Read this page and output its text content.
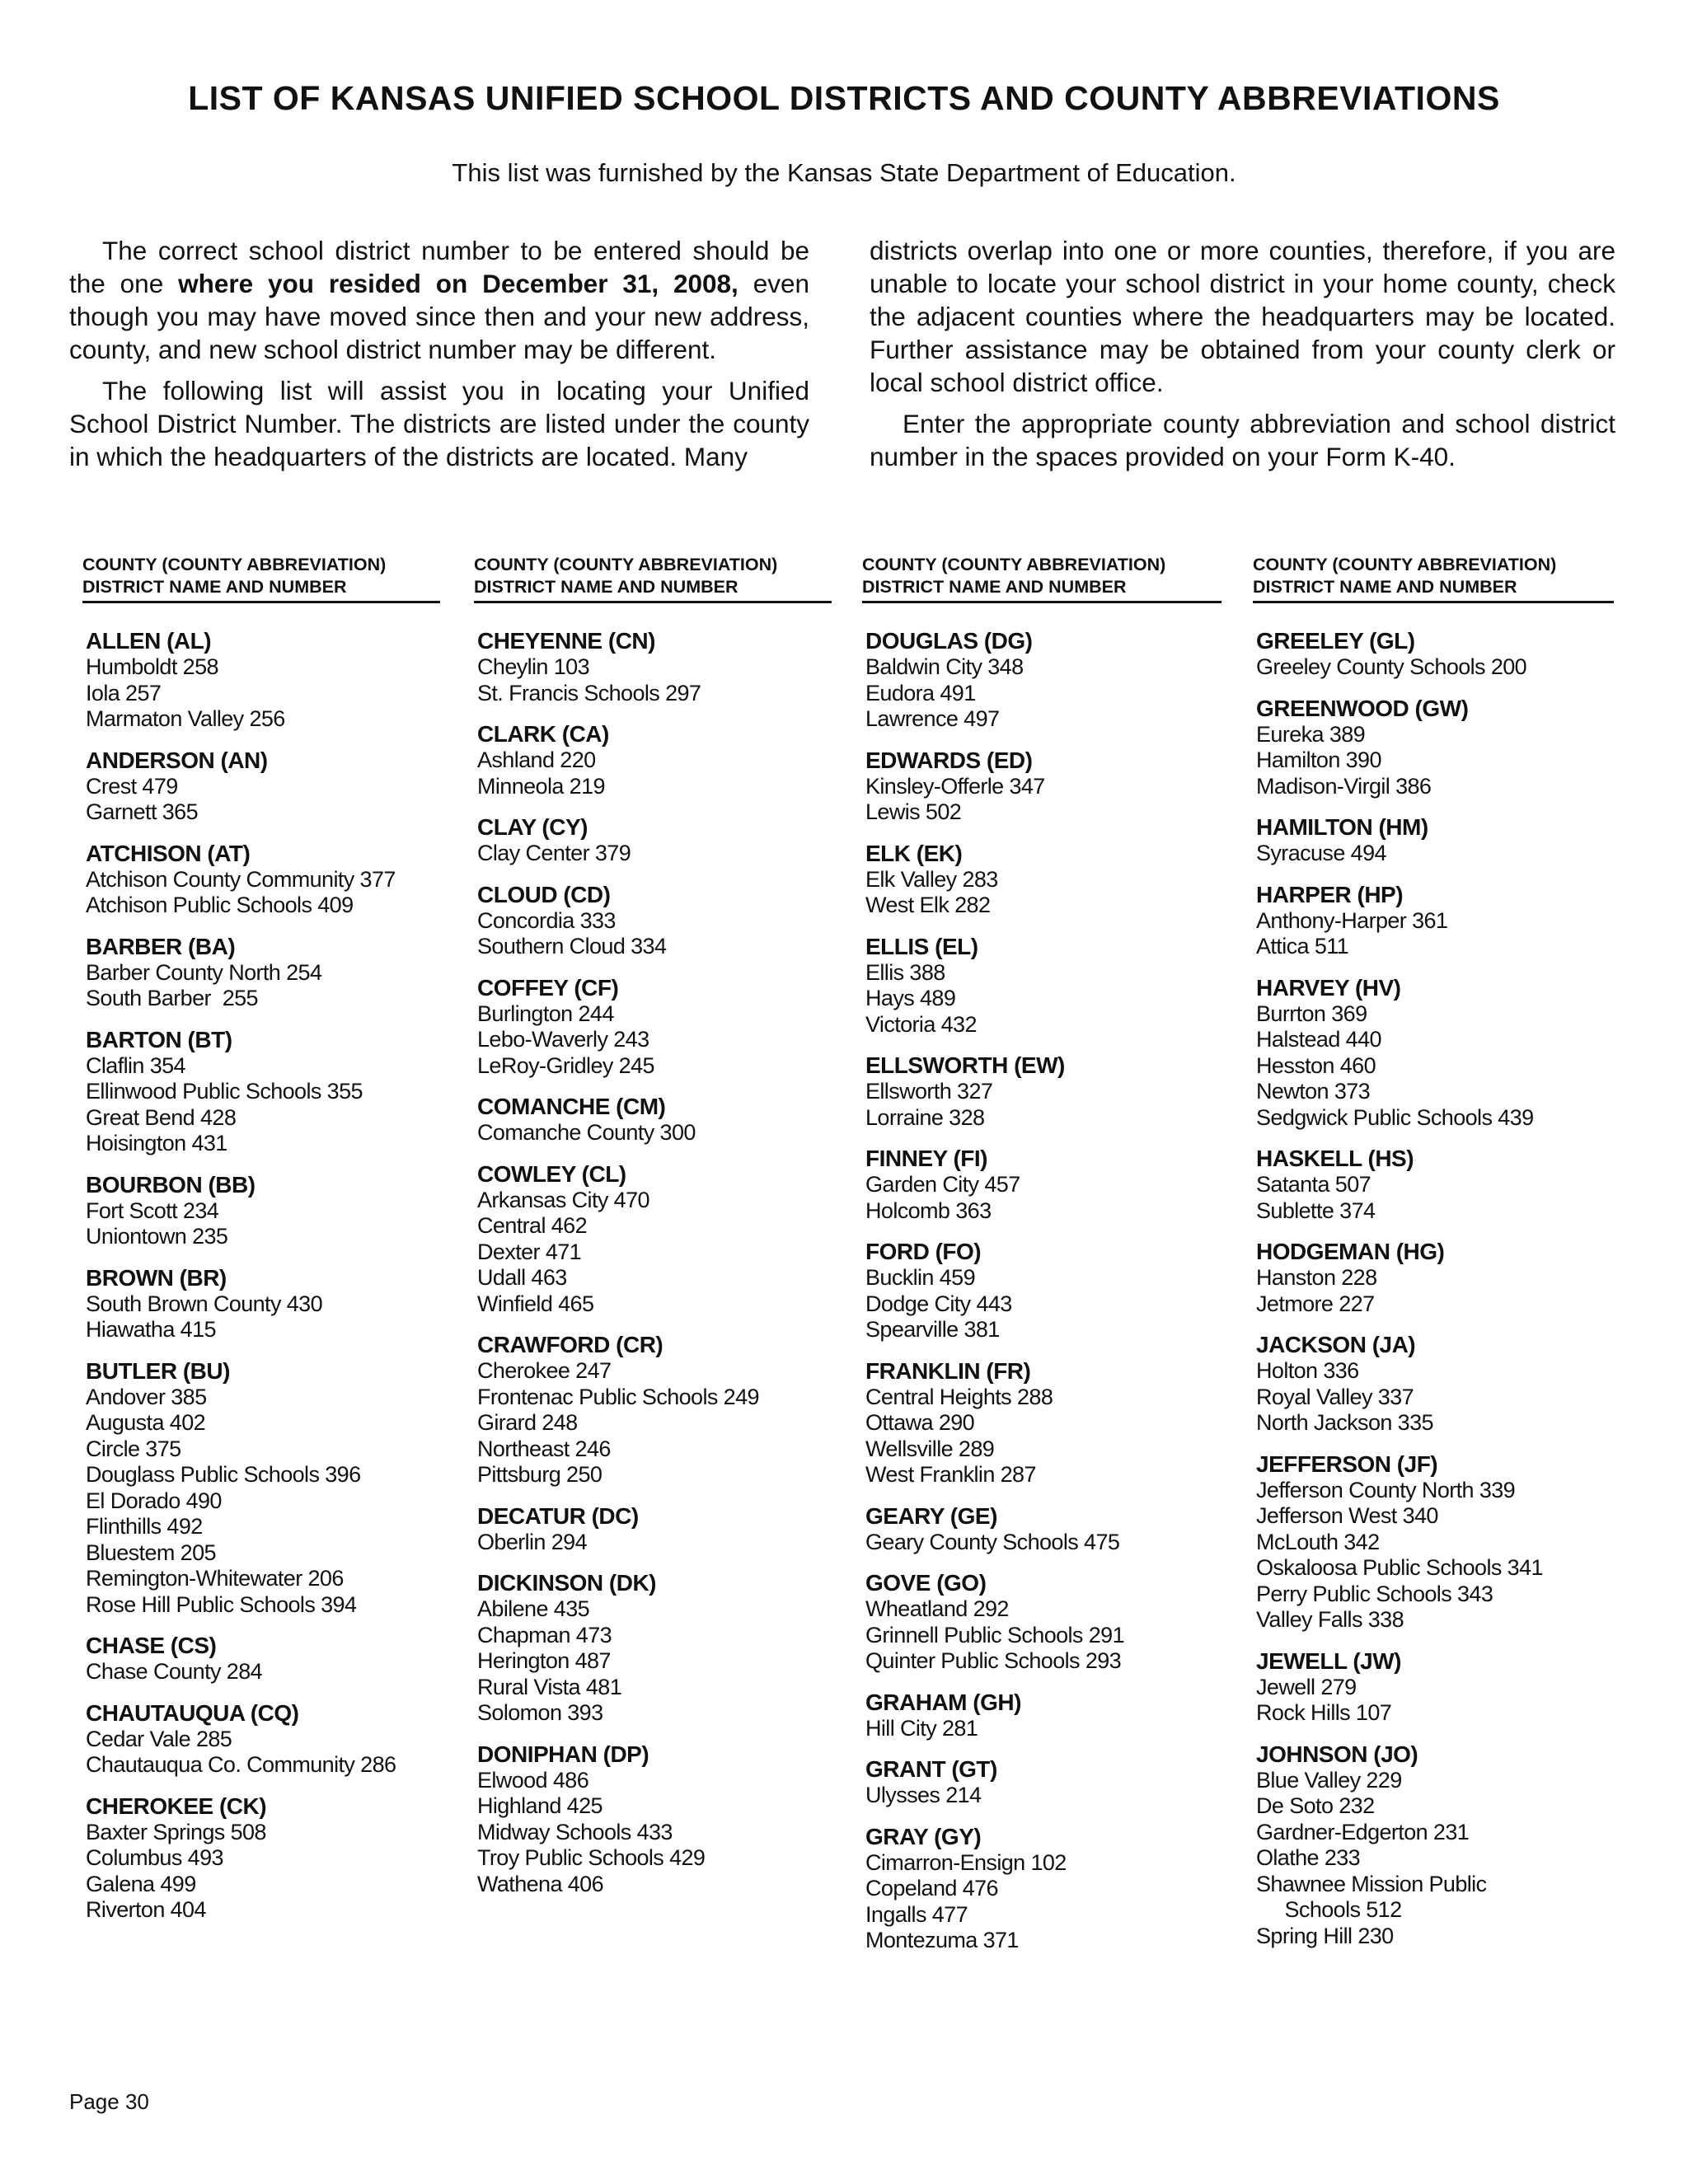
LIST OF KANSAS UNIFIED SCHOOL DISTRICTS AND COUNTY ABBREVIATIONS

This list was furnished by the Kansas State Department of Education.

The correct school district number to be entered should be the one where you resided on December 31, 2008, even though you may have moved since then and your new address, county, and new school district number may be different.

The following list will assist you in locating your Unified School District Number. The districts are listed under the county in which the headquarters of the districts are located. Many

districts overlap into one or more counties, therefore, if you are unable to locate your school district in your home county, check the adjacent counties where the headquarters may be located. Further assistance may be obtained from your county clerk or local school district office.

Enter the appropriate county abbreviation and school district number in the spaces provided on your Form K-40.

COUNTY (COUNTY ABBREVIATION)
DISTRICT NAME AND NUMBER
ALLEN (AL)
Humboldt 258
Iola 257
Marmaton Valley 256
ANDERSON (AN)
Crest 479
Garnett 365
ATCHISON (AT)
Atchison County Community 377
Atchison Public Schools 409
BARBER (BA)
Barber County North 254
South Barber  255
BARTON (BT)
Claflin 354
Ellinwood Public Schools 355
Great Bend 428
Hoisington 431
BOURBON (BB)
Fort Scott 234
Uniontown 235
BROWN (BR)
South Brown County 430
Hiawatha 415
BUTLER (BU)
Andover 385
Augusta 402
Circle 375
Douglass Public Schools 396
El Dorado 490
Flinthills 492
Bluestem 205
Remington-Whitewater 206
Rose Hill Public Schools 394
CHASE (CS)
Chase County 284
CHAUTAUQUA (CQ)
Cedar Vale 285
Chautauqua Co. Community 286
CHEROKEE (CK)
Baxter Springs 508
Columbus 493
Galena 499
Riverton 404
COUNTY (COUNTY ABBREVIATION)
DISTRICT NAME AND NUMBER
CHEYENNE (CN)
Cheylin 103
St. Francis Schools 297
CLARK (CA)
Ashland 220
Minneola 219
CLAY (CY)
Clay Center 379
CLOUD (CD)
Concordia 333
Southern Cloud 334
COFFEY (CF)
Burlington 244
Lebo-Waverly 243
LeRoy-Gridley 245
COMANCHE (CM)
Comanche County 300
COWLEY (CL)
Arkansas City 470
Central 462
Dexter 471
Udall 463
Winfield 465
CRAWFORD (CR)
Cherokee 247
Frontenac Public Schools 249
Girard 248
Northeast 246
Pittsburg 250
DECATUR (DC)
Oberlin 294
DICKINSON (DK)
Abilene 435
Chapman 473
Herington 487
Rural Vista 481
Solomon 393
DONIPHAN (DP)
Elwood 486
Highland 425
Midway Schools 433
Troy Public Schools 429
Wathena 406
COUNTY (COUNTY ABBREVIATION)
DISTRICT NAME AND NUMBER
DOUGLAS (DG)
Baldwin City 348
Eudora 491
Lawrence 497
EDWARDS (ED)
Kinsley-Offerle 347
Lewis 502
ELK (EK)
Elk Valley 283
West Elk 282
ELLIS (EL)
Ellis 388
Hays 489
Victoria 432
ELLSWORTH (EW)
Ellsworth 327
Lorraine 328
FINNEY (FI)
Garden City 457
Holcomb 363
FORD (FO)
Bucklin 459
Dodge City 443
Spearville 381
FRANKLIN (FR)
Central Heights 288
Ottawa 290
Wellsville 289
West Franklin 287
GEARY (GE)
Geary County Schools 475
GOVE (GO)
Wheatland 292
Grinnell Public Schools 291
Quinter Public Schools 293
GRAHAM (GH)
Hill City 281
GRANT (GT)
Ulysses 214
GRAY (GY)
Cimarron-Ensign 102
Copeland 476
Ingalls 477
Montezuma 371
COUNTY (COUNTY ABBREVIATION)
DISTRICT NAME AND NUMBER
GREELEY (GL)
Greeley County Schools 200
GREENWOOD (GW)
Eureka 389
Hamilton 390
Madison-Virgil 386
HAMILTON (HM)
Syracuse 494
HARPER (HP)
Anthony-Harper 361
Attica 511
HARVEY (HV)
Burrton 369
Halstead 440
Hesston 460
Newton 373
Sedgwick Public Schools 439
HASKELL (HS)
Satanta 507
Sublette 374
HODGEMAN (HG)
Hanston 228
Jetmore 227
JACKSON (JA)
Holton 336
Royal Valley 337
North Jackson 335
JEFFERSON (JF)
Jefferson County North 339
Jefferson West 340
McLouth 342
Oskaloosa Public Schools 341
Perry Public Schools 343
Valley Falls 338
JEWELL (JW)
Jewell 279
Rock Hills 107
JOHNSON (JO)
Blue Valley 229
De Soto 232
Gardner-Edgerton 231
Olathe 233
Shawnee Mission Public
Schools 512
Spring Hill 230

Page 30
